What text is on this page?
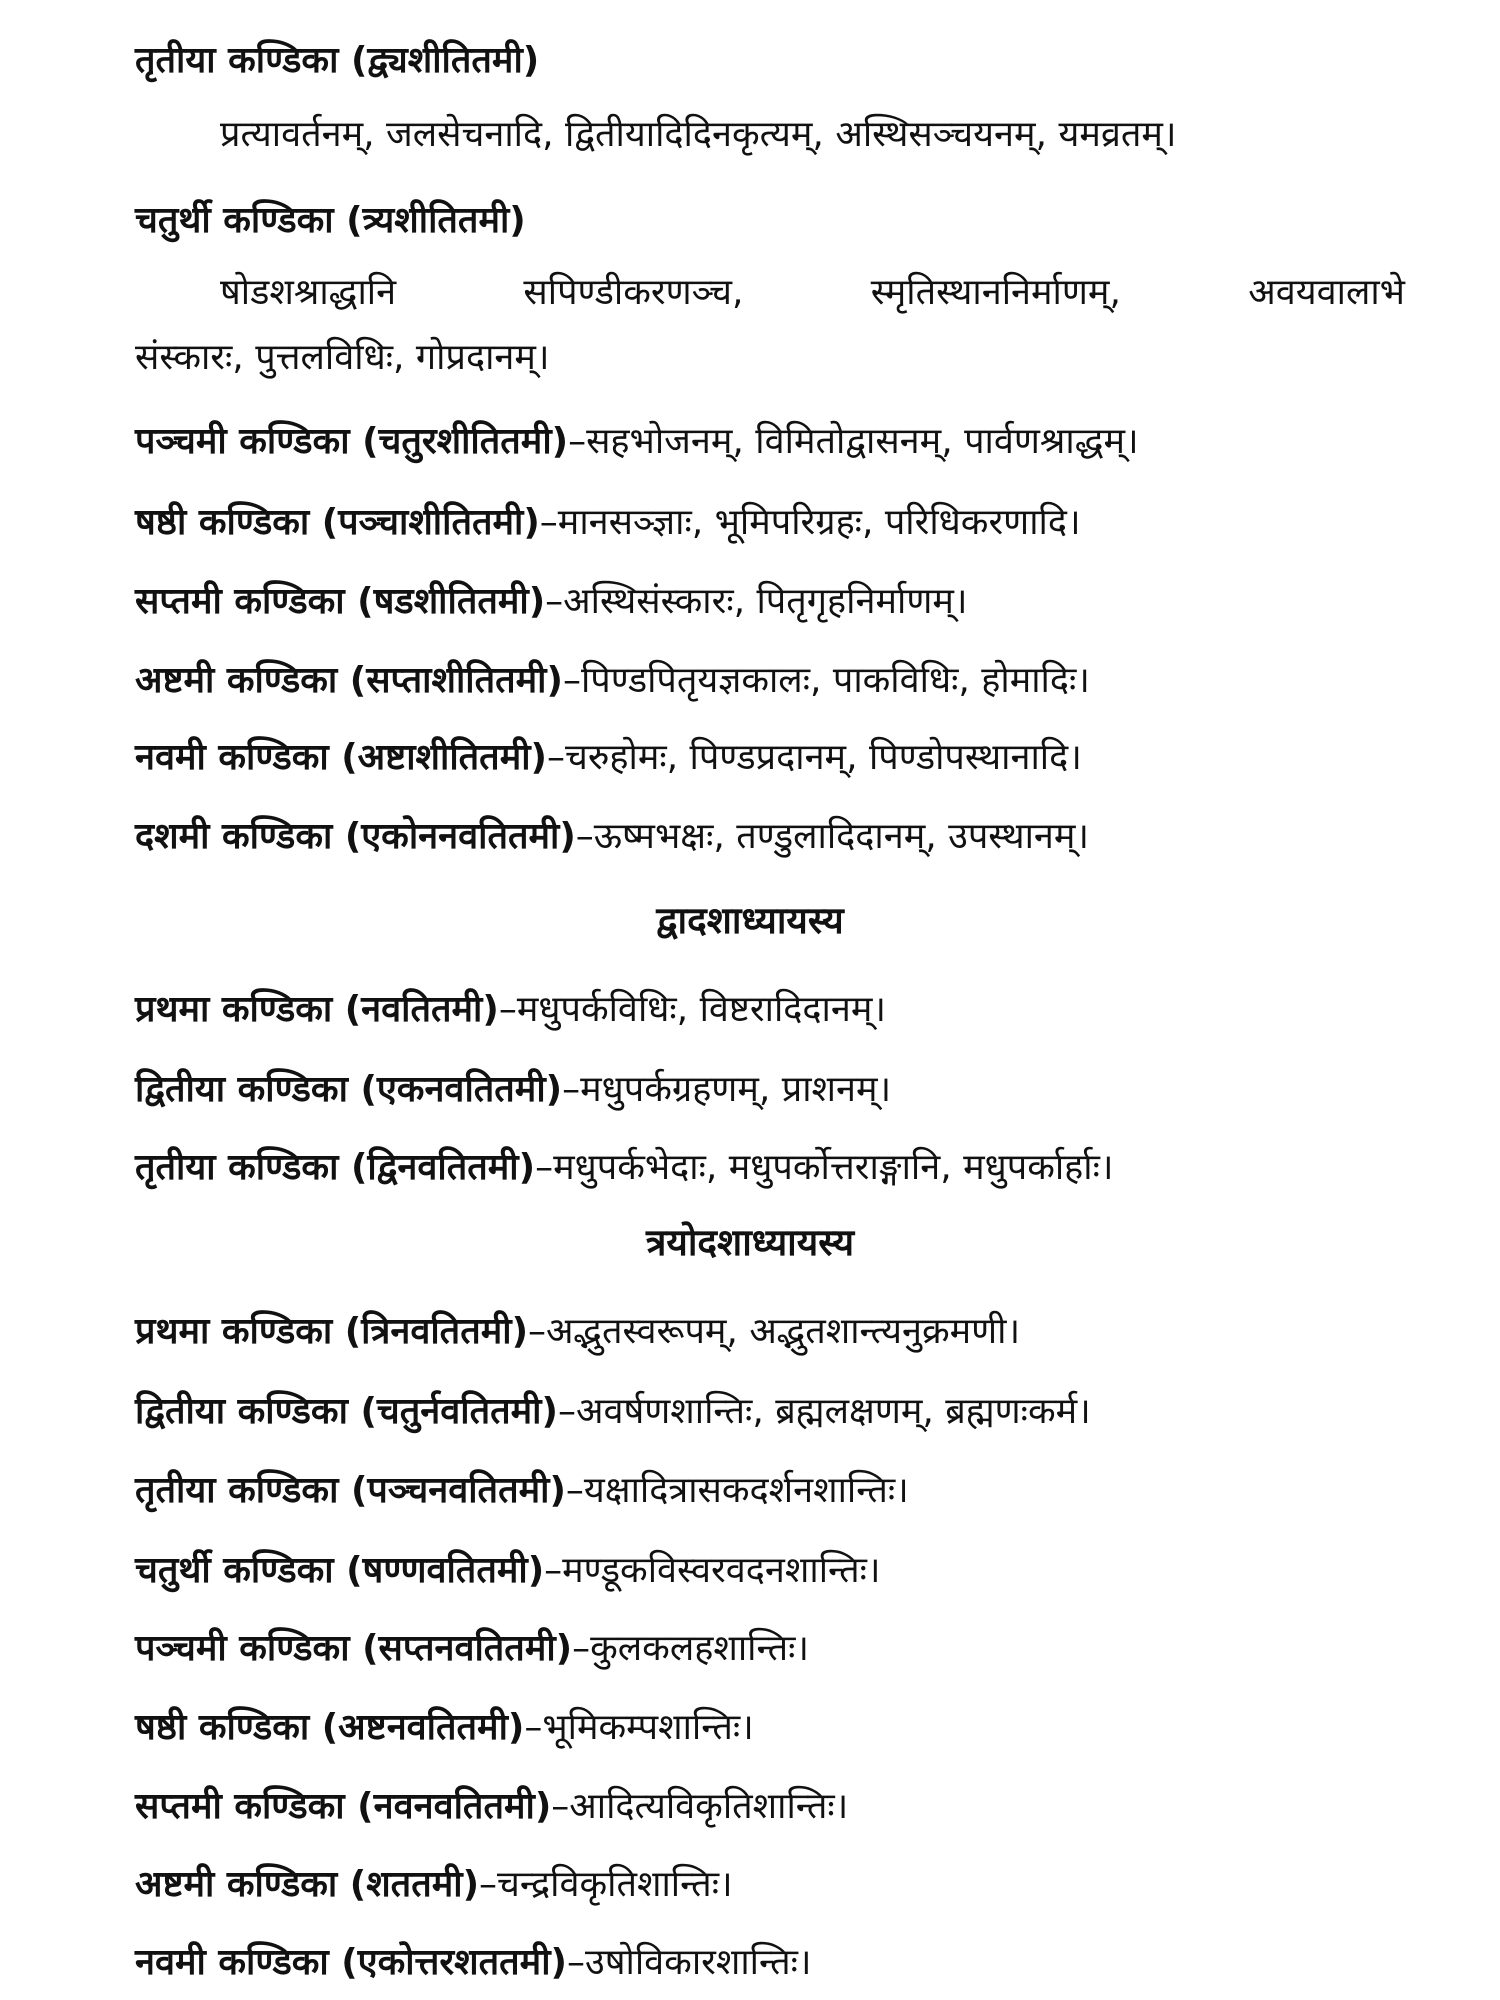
तृतीया कण्डिका (द्व्यशीतितमी)
प्रत्यावर्तनम्, जलसेचनादि, द्वितीयादिदिनकृत्यम्, अस्थिसञ्चयनम्, यमव्रतम्।
चतुर्थी कण्डिका (त्र्यशीतितमी)
षोडशश्राद्धानि सपिण्डीकरणञ्च, स्मृतिस्थाननिर्माणम्, अवयवालाभे
संस्कारः, पुत्तलविधिः, गोप्रदानम्।
पञ्चमी कण्डिका (चतुरशीतितमी)–सहभोजनम्, विमितोद्वासनम्, पार्वणश्राद्धम्।
षष्ठी कण्डिका (पञ्चाशीतितमी)–मानसञ्ज्ञाः, भूमिपरिग्रहः, परिधिकरणादि।
सप्तमी कण्डिका (षडशीतितमी)–अस्थिसंस्कारः, पितृगृहनिर्माणम्।
अष्टमी कण्डिका (सप्ताशीतितमी)–पिण्डपितृयज्ञकालः, पाकविधिः, होमादिः।
नवमी कण्डिका (अष्टाशीतितमी)–चरुहोमः, पिण्डप्रदानम्, पिण्डोपस्थानादि।
दशमी कण्डिका (एकोननवतितमी)–ऊष्मभक्षः, तण्डुलादिदानम्, उपस्थानम्।
द्वादशाध्यायस्य
प्रथमा कण्डिका (नवतितमी)–मधुपर्कविधिः, विष्टरादिदानम्।
द्वितीया कण्डिका (एकनवतितमी)–मधुपर्कग्रहणम्, प्राशनम्।
तृतीया कण्डिका (द्विनवतितमी)–मधुपर्कभेदाः, मधुपर्कोत्तराङ्गानि, मधुपर्कार्हाः।
त्रयोदशाध्यायस्य
प्रथमा कण्डिका (त्रिनवतितमी)–अद्भुतस्वरूपम्, अद्भुतशान्त्यनुक्रमणी।
द्वितीया कण्डिका (चतुर्नवतितमी)–अवर्षणशान्तिः, ब्रह्मलक्षणम्, ब्रह्मणःकर्म।
तृतीया कण्डिका (पञ्चनवतितमी)–यक्षादित्रासकदर्शनशान्तिः।
चतुर्थी कण्डिका (षण्णवतितमी)–मण्डूकविस्वरवदनशान्तिः।
पञ्चमी कण्डिका (सप्तनवतितमी)–कुलकलहशान्तिः।
षष्ठी कण्डिका (अष्टनवतितमी)–भूमिकम्पशान्तिः।
सप्तमी कण्डिका (नवनवतितमी)–आदित्यविकृतिशान्तिः।
अष्टमी कण्डिका (शततमी)–चन्द्रविकृतिशान्तिः।
नवमी कण्डिका (एकोत्तरशततमी)–उषोविकारशान्तिः।
